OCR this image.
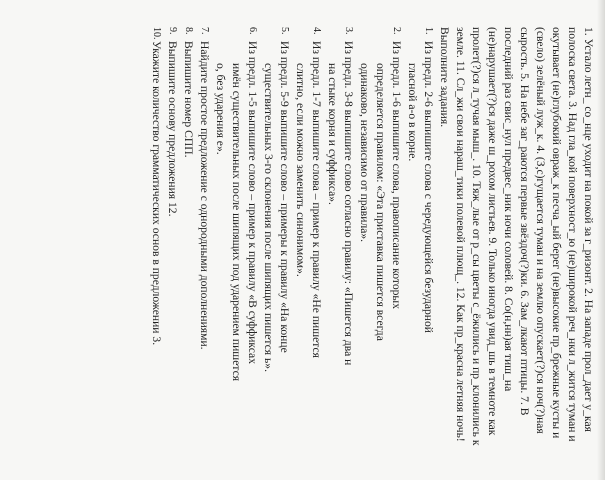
1. Устало летн_ со_нце уходит на покой за г_ризонт. 2. На западе прол_дает у_кая полоска света. 3. Над гла_кой поверхност_ю (не)широкой реч_нки л_жится туман и окутывает (не)глубокий овраж_к песча_ый берег (не)высокие пр_брежные кусты и (свело) зелёный луж_к. 4. (З,с)гущается туман и на землю опускает(?)ся ноч(?)ная сырость. 5. На небе заг_раются первые звёздоч(?)ки. 6. Зам_лкают птицы. 7. В последний раз свис_нул предвес_ник ночи соловей. 8. Со(н,нн)ая тиш_на (не)нарушает(?)ся даже ш_рохом листьев. 9. Только иногда увид_шь в темноте как пролет(?)ся л_тучая мыш_. 10. Тяж_лые от р_сы цветы с_ёжились и пр_клонились к земле. 11. Сл_жи свои нараш_тики полевой плющ_. 12. Как пр_красна летняя ночь!

Выполните задания.

1.
Из предл. 2-6 выпишите слова с чередующейся безударной
гласной а-о в корне.
2.
Из предл. 1-6 выпишите слова, правописание которых
определяется правилом: «Эта приставка пишется всегда
одинаково, независимо от правила».
3.
Из предл. 3-8 выпишите слово согласно правилу: «Пишется два н
на стыке корня и суффикса».
4.
Из предл. 1-7 выпишите слова – пример к правилу «Не пишется
слитно, если можно заменить синонимом».
5.
Из предл. 5-9 выпишите слово – примеры к правилу «На конце
существительных 3-го склонения после шипящих пишется ь».
6.
Из предл. 1-5 выпишите слово – пример к правилу «В суффиксах
имён существительных после шипящих под ударением пишется
о, без ударения е».
7.
Найдите простое предложение с однородными дополнениями.
8.
Выпишите номер СПП.
9.
Выпишите основу предложения 12.
10.
Укажите количество грамматических основ в предложении 3.
